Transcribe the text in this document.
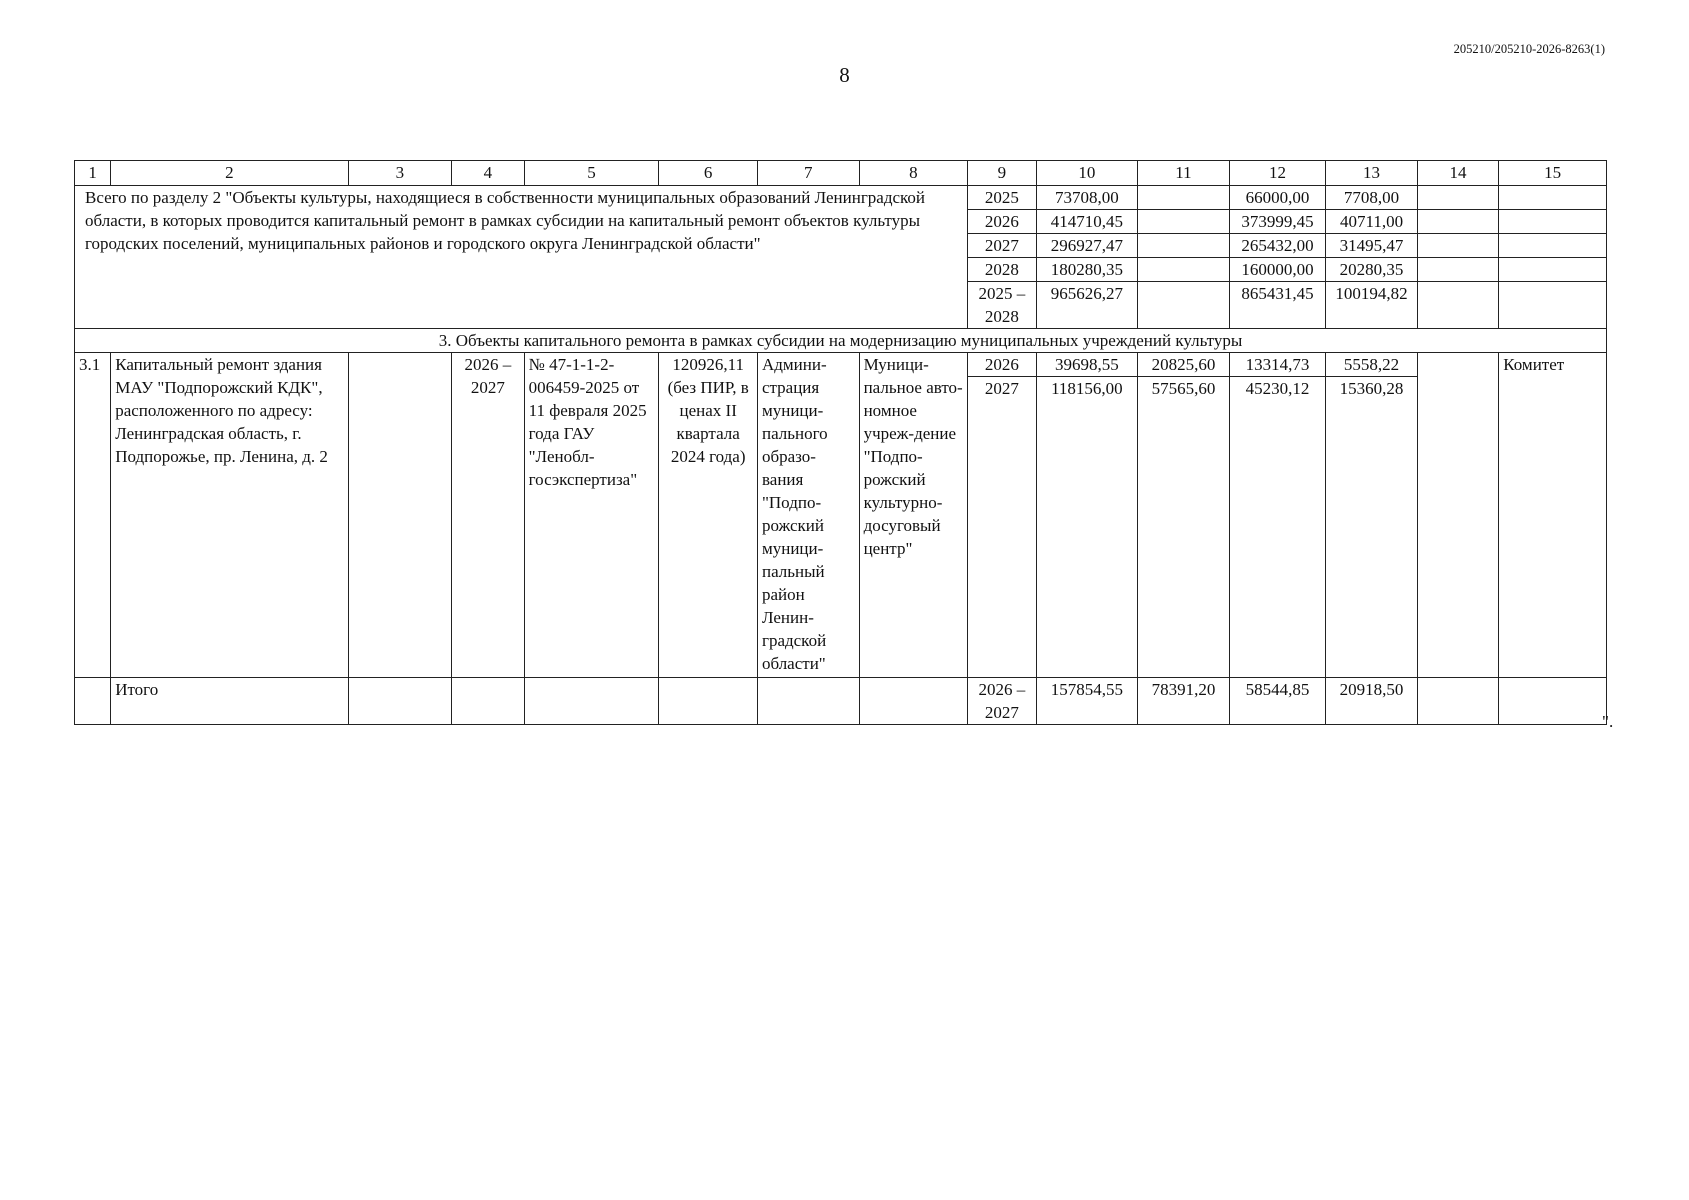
205210/205210-2026-8263(1)
8
1	2	3	4	5	6	7	8	9	10	11	12	13	14	15
Всего по разделу 2 "Объекты культуры, находящиеся в собственности муниципальных образований Ленинградской области, в которых проводится капитальный ремонт в рамках субсидии на капитальный ремонт объектов культуры городских поселений, муниципальных районов и городского округа Ленинградской области"								2025	73708,00		66000,00	7708,00		
								2026	414710,45		373999,45	40711,00		
								2027	296927,47		265432,00	31495,47		
								2028	180280,35		160000,00	20280,35		
								2025 – 2028	965626,27		865431,45	100194,82		
3. Объекты капитального ремонта в рамках субсидии на модернизацию муниципальных учреждений культуры														
3.1	Капитальный ремонт здания МАУ "Подпорожский КДК", расположенного по адресу: Ленинградская область, г. Подпорожье, пр. Ленина, д. 2		2026 – 2027	№ 47-1-1-2-006459-2025 от 11 февраля 2025 года ГАУ "Ленобл-госэкспертиза"	120926,11 (без ПИР, в ценах II квартала 2024 года)	Админи-страция муници-пального образо-вания "Подпо-рожский муници-пальный район Ленин-градской области"	Муници-пальное авто-номное учреж-дение "Подпо-рожский культурно-досуговый центр"	2026	39698,55	20825,60	13314,73	5558,22		Комитет
								2027	118156,00	57565,60	45230,12	15360,28		
	Итого							2026 – 2027	157854,55	78391,20	58544,85	20918,50		
".
